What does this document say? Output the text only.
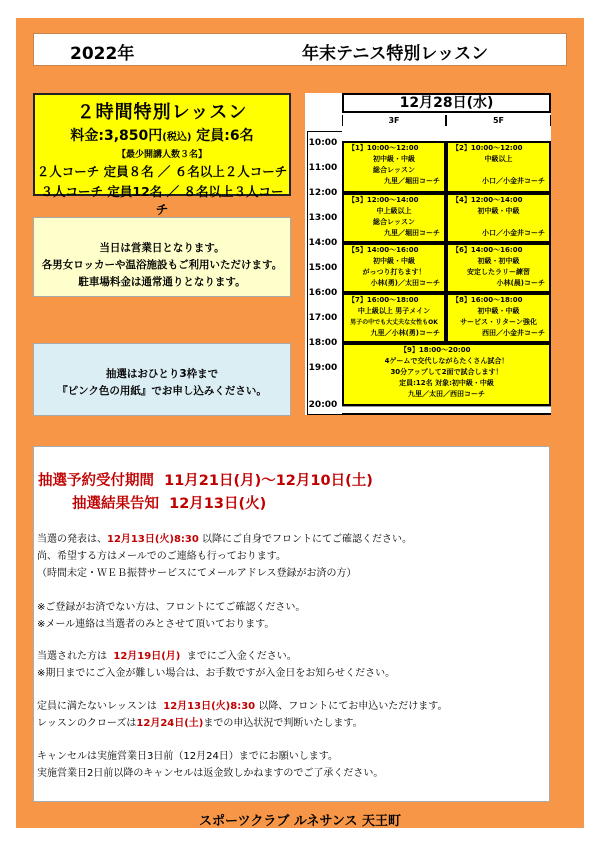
2022年	年末テニス特別レッスン
２時間特別レッスン
料金:3,850円(税込) 定員:6名
【最少開講人数３名】
２人コーチ 定員８名 ／ ６名以上２人コーチ
３人コーチ 定員12名 ／ ８名以上３人コーチ
当日は営業日となります。
各男女ロッカーや温浴施設もご利用いただけます。
駐車場料金は通常通りとなります。
抽選はおひとり3枠まで
『ピンク色の用紙』でお申し込みください。
12月28日(水)
3F	5F
10:00
11:00
12:00
13:00
14:00
15:00
16:00
17:00
18:00
19:00
20:00
【1】10:00～12:00
初中級・中級
総合レッスン
九里／堀田コーチ
【2】10:00～12:00
中級以上

小口／小金井コーチ
【3】12:00～14:00
中上級以上
総合レッスン
九里／堀田コーチ
【4】12:00～14:00
初中級・中級

小口／小金井コーチ
【5】14:00～16:00
初中級・中級
がっつり打ちます！
小林(勇)／太田コーチ
【6】14:00～16:00
初級・初中級
安定したラリー練習
小林(晨)コーチ
【7】16:00～18:00
中上級以上 男子メイン
男子の中でも大丈夫な女性もOK
九里／小林(勇)コーチ
【8】16:00～18:00
初中級・中級
サービス・リターン強化
西田／小金井コーチ
【9】18:00～20:00
4ゲームで交代しながらたくさん試合！
30分アップして2面で試合します！
定員:12名 対象:初中級・中級
九里／太田／西田コーチ
抽選予約受付期間 11月21日(月)～12月10日(土)
抽選結果告知 12月13日(火)
当選の発表は、12月13日(火)8:30 以降にご自身でフロントにてご確認ください。
尚、希望する方はメールでのご連絡も行っております。
（時間未定・ＷＥＢ振替サービスにてメールアドレス登録がお済の方）
※ご登録がお済でない方は、フロントにてご確認ください。
※メール連絡は当選者のみとさせて頂いております。
当選された方は 12月19日(月) までにご入金ください。
※期日までにご入金が難しい場合は、お手数ですが入金日をお知らせください。
定員に満たないレッスンは 12月13日(火)8:30 以降、フロントにてお申込いただけます。
レッスンのクローズは12月24日(土)までの申込状況で判断いたします。
キャンセルは実施営業日3日前（12月24日）までにお願いします。
実施営業日2日前以降のキャンセルは返金致しかねますのでご了承ください。
スポーツクラブ ルネサンス 天王町
